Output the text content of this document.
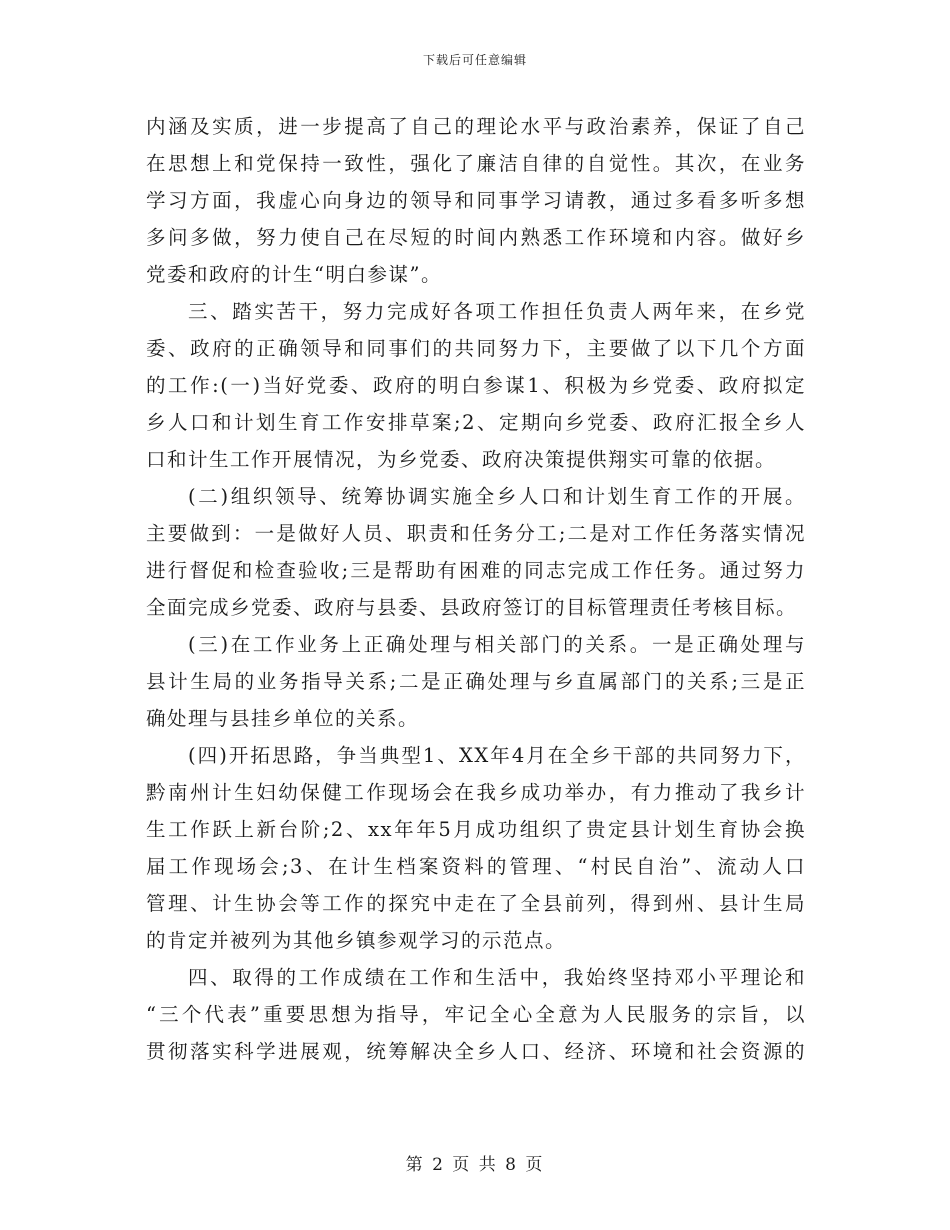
下载后可任意编辑
内涵及实质，进一步提高了自己的理论水平与政治素养，保证了自己
在思想上和党保持一致性，强化了廉洁自律的自觉性。其次，在业务
学习方面，我虚心向身边的领导和同事学习请教，通过多看多听多想
多问多做，努力使自己在尽短的时间内熟悉工作环境和内容。做好乡
党委和政府的计生“明白参谋”。
三、踏实苦干，努力完成好各项工作担任负责人两年来，在乡党
委、政府的正确领导和同事们的共同努力下，主要做了以下几个方面
的工作:(一)当好党委、政府的明白参谋1、积极为乡党委、政府拟定
乡人口和计划生育工作安排草案;2、定期向乡党委、政府汇报全乡人
口和计生工作开展情况，为乡党委、政府决策提供翔实可靠的依据。
(二)组织领导、统筹协调实施全乡人口和计划生育工作的开展。
主要做到：一是做好人员、职责和任务分工;二是对工作任务落实情况
进行督促和检查验收;三是帮助有困难的同志完成工作任务。通过努力
全面完成乡党委、政府与县委、县政府签订的目标管理责任考核目标。
(三)在工作业务上正确处理与相关部门的关系。一是正确处理与
县计生局的业务指导关系;二是正确处理与乡直属部门的关系;三是正
确处理与县挂乡单位的关系。
(四)开拓思路，争当典型1、XX年4月在全乡干部的共同努力下，
黔南州计生妇幼保健工作现场会在我乡成功举办，有力推动了我乡计
生工作跃上新台阶;2、xx年年5月成功组织了贵定县计划生育协会换
届工作现场会;3、在计生档案资料的管理、“村民自治”、流动人口
管理、计生协会等工作的探究中走在了全县前列，得到州、县计生局
的肯定并被列为其他乡镇参观学习的示范点。
四、取得的工作成绩在工作和生活中，我始终坚持邓小平理论和
“三个代表”重要思想为指导，牢记全心全意为人民服务的宗旨，以
贯彻落实科学进展观，统筹解决全乡人口、经济、环境和社会资源的
第 2 页 共 8 页
